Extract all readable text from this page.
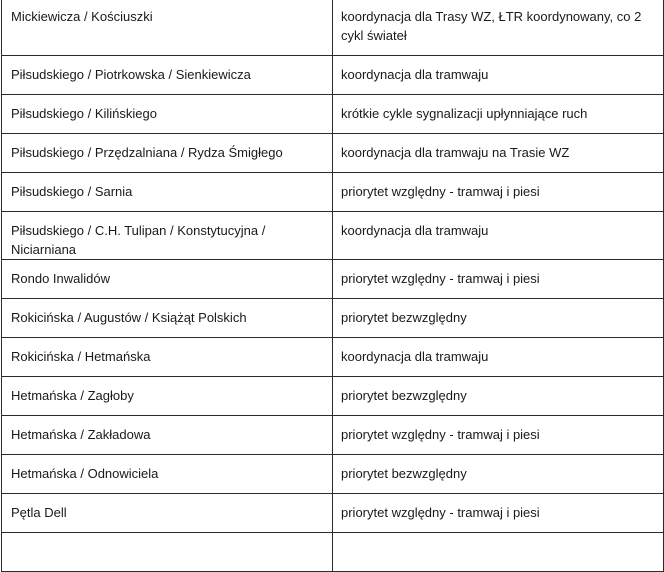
Mickiewicza / Kościuszki	koordynacja dla Trasy WZ, ŁTR koordynowany, co 2 cykl świateł
Piłsudskiego / Piotrkowska / Sienkiewicza	koordynacja dla tramwaju
Piłsudskiego / Kilińskiego	krótkie cykle sygnalizacji upłynniające ruch
Piłsudskiego / Przędzalniana / Rydza Śmigłego	koordynacja dla tramwaju na Trasie WZ
Piłsudskiego / Sarnia	priorytet względny - tramwaj i piesi
Piłsudskiego / C.H. Tulipan / Konstytucyjna / Niciarniana	koordynacja dla tramwaju
Rondo Inwalidów	priorytet względny - tramwaj i piesi
Rokicińska / Augustów / Książąt Polskich	priorytet bezwzględny
Rokicińska / Hetmańska	koordynacja dla tramwaju
Hetmańska / Zagłoby	priorytet bezwzględny
Hetmańska / Zakładowa	priorytet względny - tramwaj i piesi
Hetmańska / Odnowiciela	priorytet bezwzględny
Pętla Dell	priorytet względny - tramwaj i piesi
